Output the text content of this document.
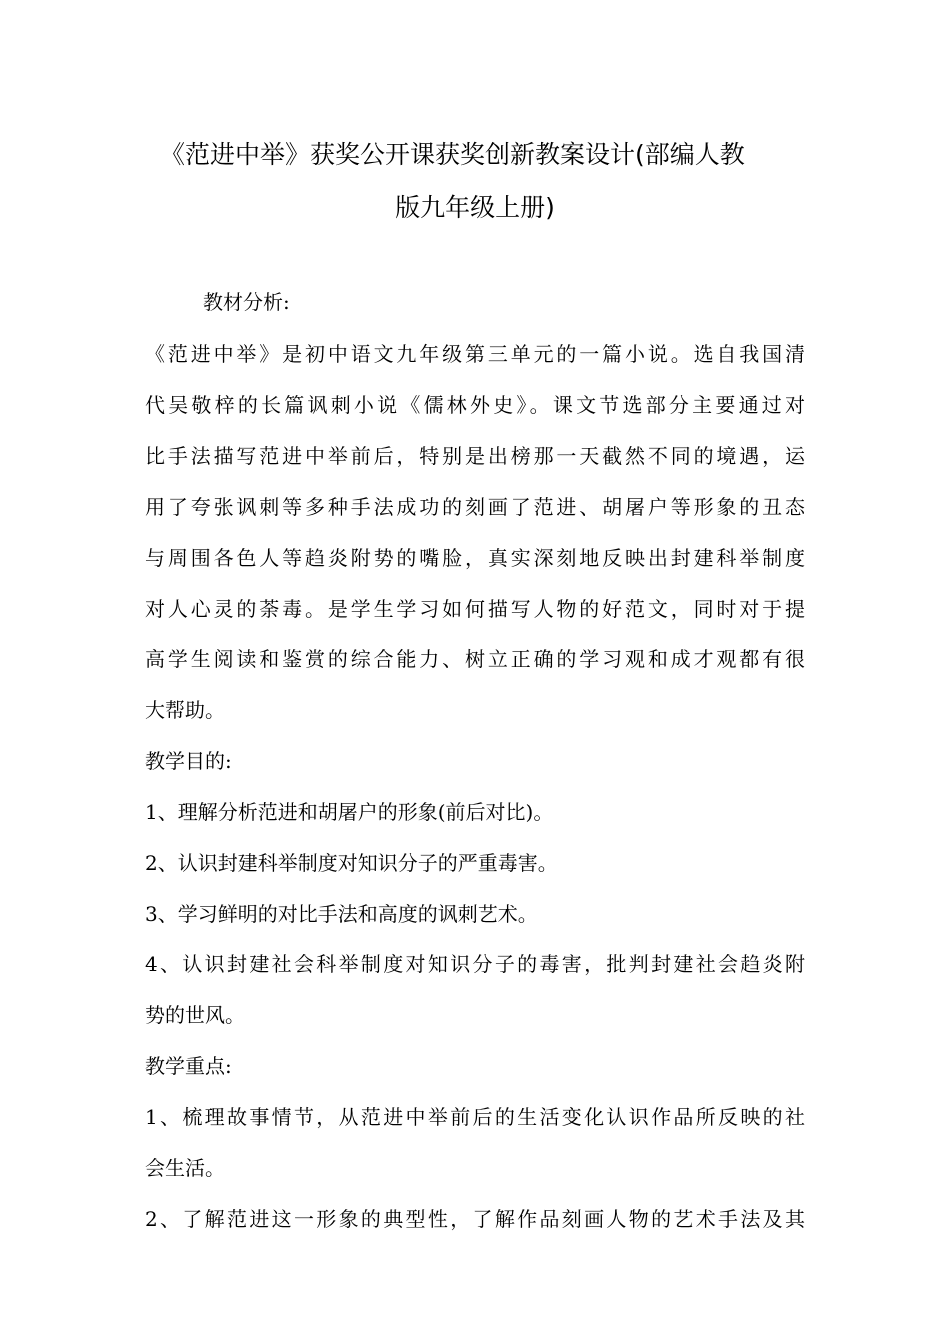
《范进中举》获奖公开课获奖创新教案设计(部编人教
版九年级上册)

教材分析:

《范进中举》是初中语文九年级第三单元的一篇小说。选自我国清

代吴敬梓的长篇讽刺小说《儒林外史》。课文节选部分主要通过对

比手法描写范进中举前后，特别是出榜那一天截然不同的境遇，运

用了夸张讽刺等多种手法成功的刻画了范进、胡屠户等形象的丑态

与周围各色人等趋炎附势的嘴脸，真实深刻地反映出封建科举制度

对人心灵的荼毒。是学生学习如何描写人物的好范文，同时对于提

高学生阅读和鉴赏的综合能力、树立正确的学习观和成才观都有很

大帮助。

教学目的:

1、理解分析范进和胡屠户的形象(前后对比)。

2、认识封建科举制度对知识分子的严重毒害。

3、学习鲜明的对比手法和高度的讽刺艺术。

4、认识封建社会科举制度对知识分子的毒害，批判封建社会趋炎附

势的世风。

教学重点:

1、梳理故事情节，从范进中举前后的生活变化认识作品所反映的社

会生活。

2、了解范进这一形象的典型性，了解作品刻画人物的艺术手法及其
